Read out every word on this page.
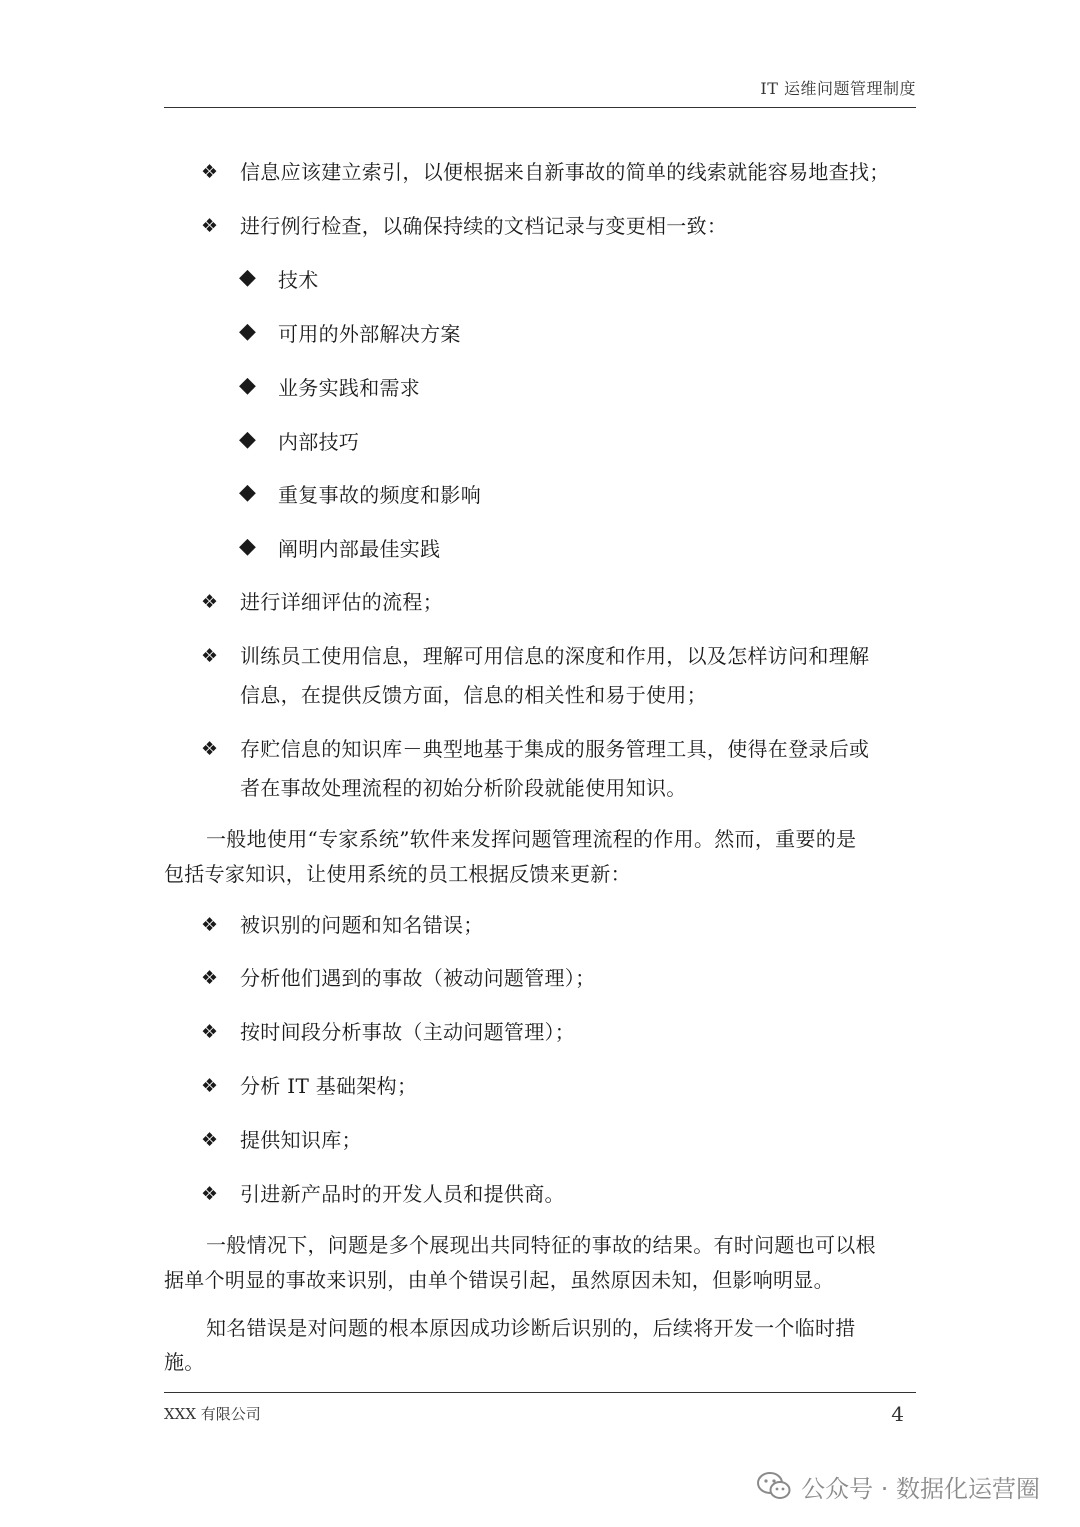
IT 运维问题管理制度
❖ 信息应该建立索引，以便根据来自新事故的简单的线索就能容易地查找；
❖ 进行例行检查，以确保持续的文档记录与变更相一致：
◆ 技术
◆ 可用的外部解决方案
◆ 业务实践和需求
◆ 内部技巧
◆ 重复事故的频度和影响
◆ 阐明内部最佳实践
❖ 进行详细评估的流程；
❖ 训练员工使用信息，理解可用信息的深度和作用，以及怎样访问和理解
信息，在提供反馈方面，信息的相关性和易于使用；
❖ 存贮信息的知识库－典型地基于集成的服务管理工具，使得在登录后或
者在事故处理流程的初始分析阶段就能使用知识。
一般地使用“专家系统”软件来发挥问题管理流程的作用。然而，重要的是
包括专家知识，让使用系统的员工根据反馈来更新：
❖ 被识别的问题和知名错误；
❖ 分析他们遇到的事故（被动问题管理）；
❖ 按时间段分析事故（主动问题管理）；
❖ 分析 IT 基础架构；
❖ 提供知识库；
❖ 引进新产品时的开发人员和提供商。
一般情况下，问题是多个展现出共同特征的事故的结果。有时问题也可以根
据单个明显的事故来识别，由单个错误引起，虽然原因未知，但影响明显。
知名错误是对问题的根本原因成功诊断后识别的，后续将开发一个临时措
施。
XXX 有限公司	4
公众号 · 数据化运营圈
